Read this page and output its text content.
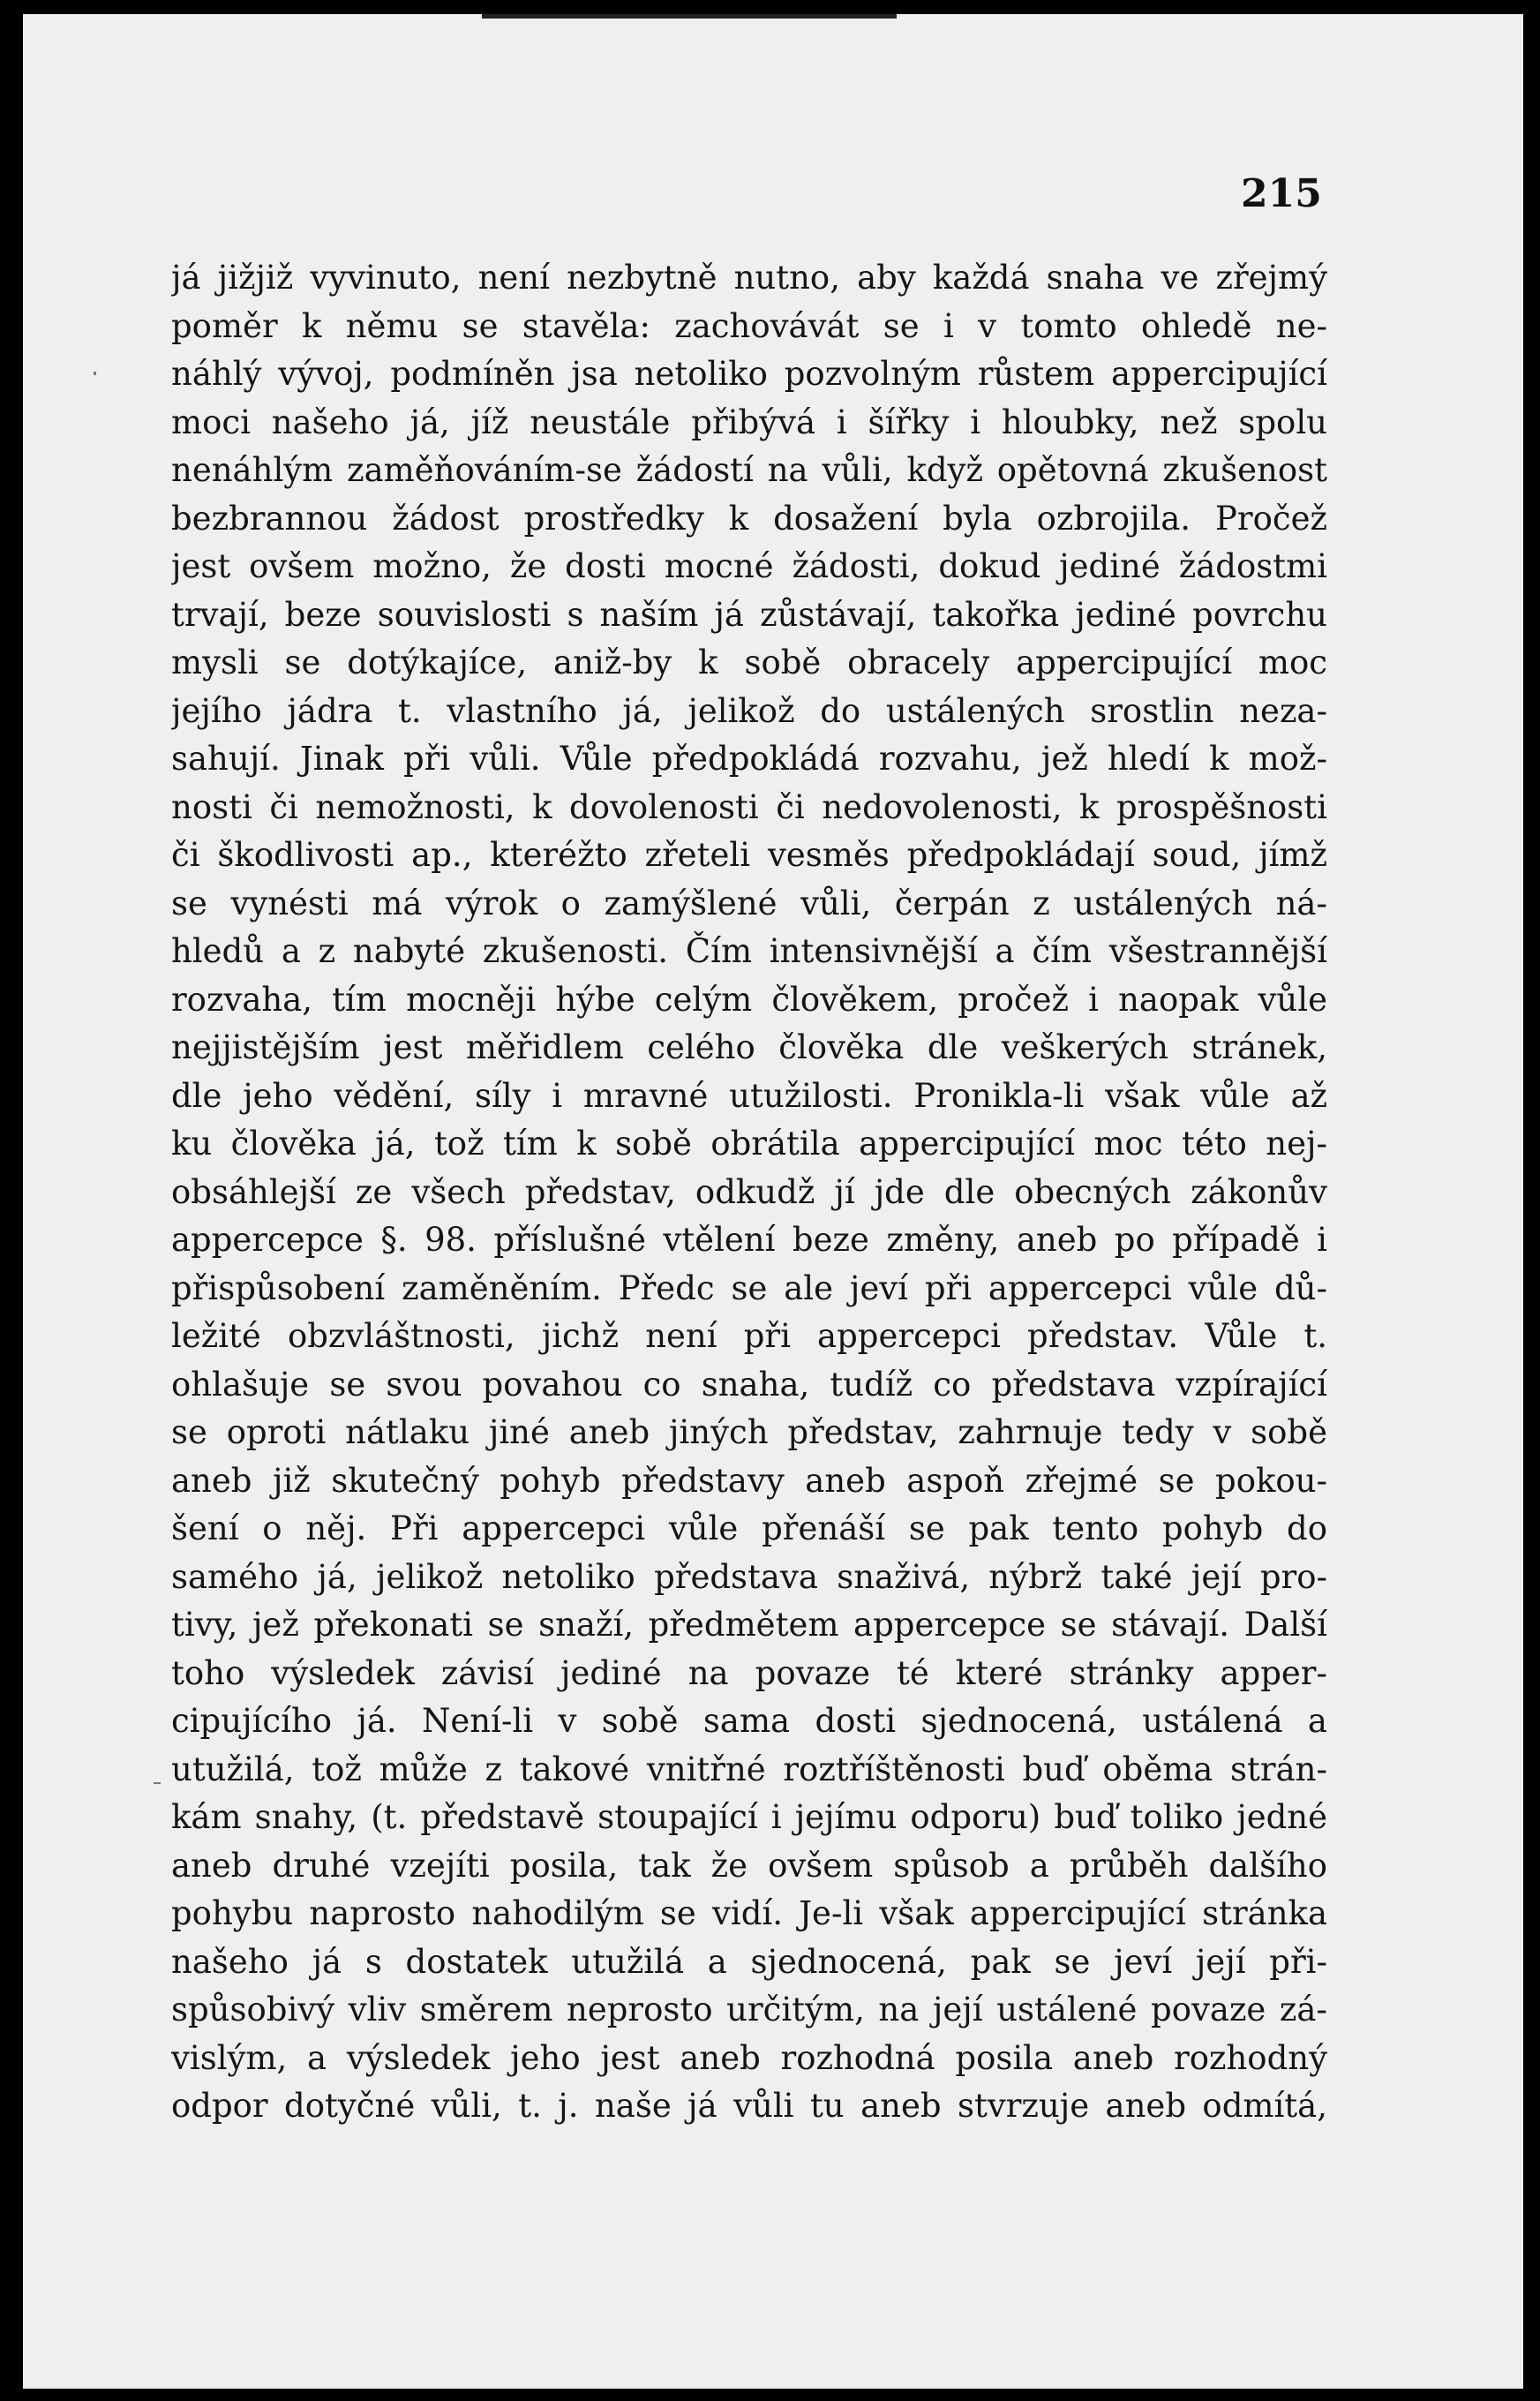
215
já jižjiž vyvinuto, není nezbytně nutno, aby každá snaha ve zřejmý
poměr k němu se stavěla: zachovávát se i v tomto ohledě ne-
náhlý vývoj, podmíněn jsa netoliko pozvolným růstem appercipující
moci našeho já, jíž neustále přibývá i šířky i hloubky, než spolu
nenáhlým zaměňováním-se žádostí na vůli, když opětovná zkušenost
bezbrannou žádost prostředky k dosažení byla ozbrojila. Pročež
jest ovšem možno, že dosti mocné žádosti, dokud jediné žádostmi
trvají, beze souvislosti s naším já zůstávají, takořka jediné povrchu
mysli se dotýkajíce, aniž-by k sobě obracely appercipující moc
jejího jádra t. vlastního já, jelikož do ustálených srostlin neza-
sahují. Jinak při vůli. Vůle předpokládá rozvahu, jež hledí k mož-
nosti či nemožnosti, k dovolenosti či nedovolenosti, k prospěšnosti
či škodlivosti ap., kteréžto zřeteli vesměs předpokládají soud, jímž
se vynésti má výrok o zamýšlené vůli, čerpán z ustálených ná-
hledů a z nabyté zkušenosti. Čím intensivnější a čím všestrannější
rozvaha, tím mocněji hýbe celým člověkem, pročež i naopak vůle
nejjistějším jest měřidlem celého člověka dle veškerých stránek,
dle jeho vědění, síly i mravné utužilosti. Pronikla-li však vůle až
ku člověka já, tož tím k sobě obrátila appercipující moc této nej-
obsáhlejší ze všech představ, odkudž jí jde dle obecných zákonův
appercepce §. 98. příslušné vtělení beze změny, aneb po případě i
přispůsobení zaměněním. Předc se ale jeví při appercepci vůle dů-
ležité obzvláštnosti, jichž není při appercepci představ. Vůle t.
ohlašuje se svou povahou co snaha, tudíž co představa vzpírající
se oproti nátlaku jiné aneb jiných představ, zahrnuje tedy v sobě
aneb již skutečný pohyb představy aneb aspoň zřejmé se pokou-
šení o něj. Při appercepci vůle přenáší se pak tento pohyb do
samého já, jelikož netoliko představa snaživá, nýbrž také její pro-
tivy, jež překonati se snaží, předmětem appercepce se stávají. Další
toho výsledek závisí jediné na povaze té které stránky apper-
cipujícího já. Není-li v sobě sama dosti sjednocená, ustálená a
utužilá, tož může z takové vnitřné roztříštěnosti buď oběma strán-
kám snahy, (t. představě stoupající i jejímu odporu) buď toliko jedné
aneb druhé vzejíti posila, tak že ovšem spůsob a průběh dalšího
pohybu naprosto nahodilým se vidí. Je-li však appercipující stránka
našeho já s dostatek utužilá a sjednocená, pak se jeví její při-
spůsobivý vliv směrem neprosto určitým, na její ustálené povaze zá-
vislým, a výsledek jeho jest aneb rozhodná posila aneb rozhodný
odpor dotyčné vůli, t. j. naše já vůli tu aneb stvrzuje aneb odmítá,
